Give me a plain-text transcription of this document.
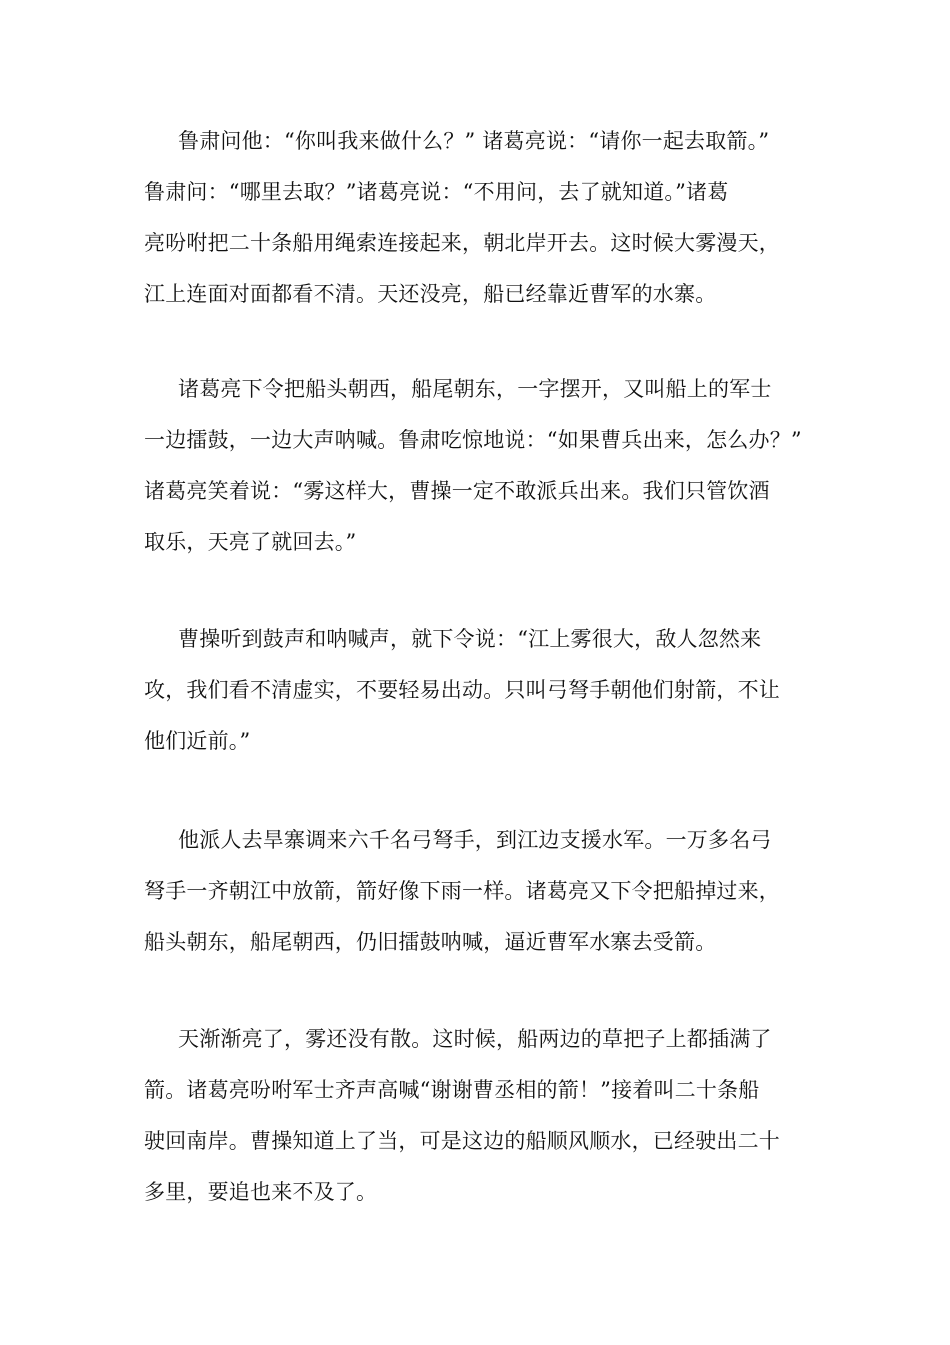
鲁肃问他：“你叫我来做什么？” 诸葛亮说：“请你一起去取箭。”
鲁肃问：“哪里去取？”诸葛亮说：“不用问，去了就知道。”诸葛
亮吩咐把二十条船用绳索连接起来，朝北岸开去。这时候大雾漫天，
江上连面对面都看不清。天还没亮，船已经靠近曹军的水寨。
诸葛亮下令把船头朝西，船尾朝东，一字摆开，又叫船上的军士
一边擂鼓，一边大声呐喊。鲁肃吃惊地说：“如果曹兵出来，怎么办？”
诸葛亮笑着说：“雾这样大，曹操一定不敢派兵出来。我们只管饮酒
取乐，天亮了就回去。”
曹操听到鼓声和呐喊声，就下令说：“江上雾很大，敌人忽然来
攻，我们看不清虚实，不要轻易出动。只叫弓弩手朝他们射箭，不让
他们近前。”
他派人去旱寨调来六千名弓弩手，到江边支援水军。一万多名弓
弩手一齐朝江中放箭，箭好像下雨一样。诸葛亮又下令把船掉过来，
船头朝东，船尾朝西，仍旧擂鼓呐喊，逼近曹军水寨去受箭。
天渐渐亮了，雾还没有散。这时候，船两边的草把子上都插满了
箭。诸葛亮吩咐军士齐声高喊“谢谢曹丞相的箭！”接着叫二十条船
驶回南岸。曹操知道上了当，可是这边的船顺风顺水，已经驶出二十
多里，要追也来不及了。
